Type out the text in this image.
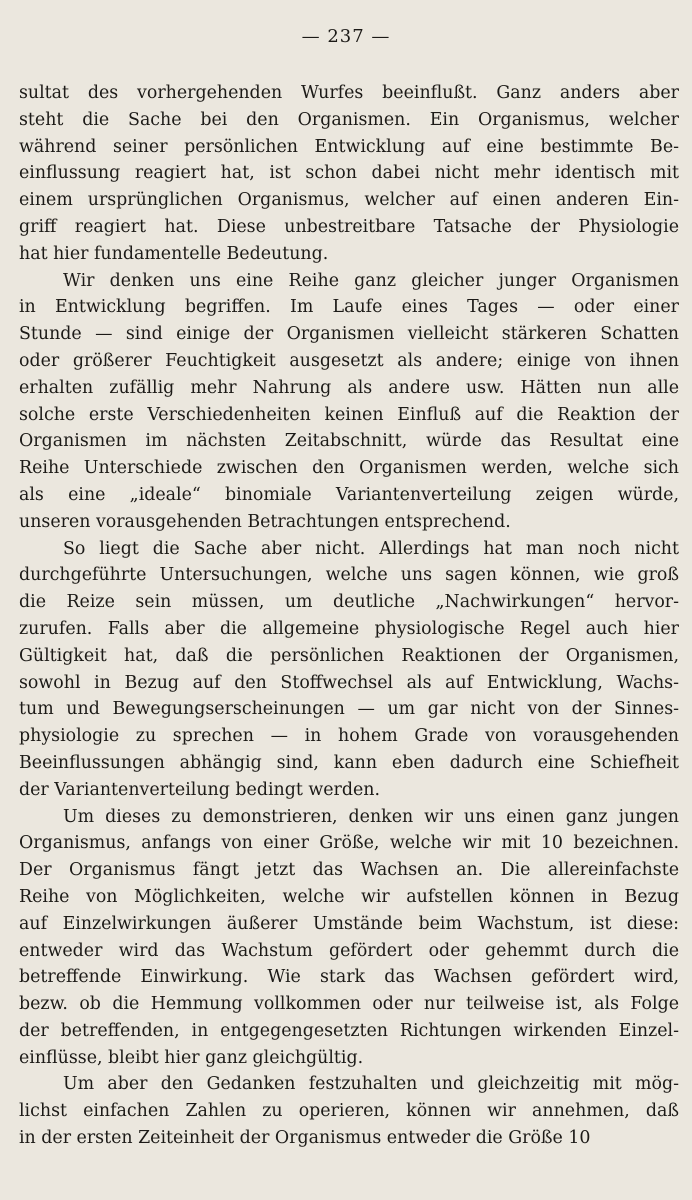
— 237 —
sultat des vorhergehenden Wurfes beeinflußt. Ganz anders aber
steht die Sache bei den Organismen. Ein Organismus, welcher
während seiner persönlichen Entwicklung auf eine bestimmte Be-
einflussung reagiert hat, ist schon dabei nicht mehr identisch mit
einem ursprünglichen Organismus, welcher auf einen anderen Ein-
griff reagiert hat. Diese unbestreitbare Tatsache der Physiologie
hat hier fundamentelle Bedeutung.
Wir denken uns eine Reihe ganz gleicher junger Organismen
in Entwicklung begriffen. Im Laufe eines Tages — oder einer
Stunde — sind einige der Organismen vielleicht stärkeren Schatten
oder größerer Feuchtigkeit ausgesetzt als andere; einige von ihnen
erhalten zufällig mehr Nahrung als andere usw. Hätten nun alle
solche erste Verschiedenheiten keinen Einfluß auf die Reaktion der
Organismen im nächsten Zeitabschnitt, würde das Resultat eine
Reihe Unterschiede zwischen den Organismen werden, welche sich
als eine „ideale“ binomiale Variantenverteilung zeigen würde,
unseren vorausgehenden Betrachtungen entsprechend.
So liegt die Sache aber nicht. Allerdings hat man noch nicht
durchgeführte Untersuchungen, welche uns sagen können, wie groß
die Reize sein müssen, um deutliche „Nachwirkungen“ hervor-
zurufen. Falls aber die allgemeine physiologische Regel auch hier
Gültigkeit hat, daß die persönlichen Reaktionen der Organismen,
sowohl in Bezug auf den Stoffwechsel als auf Entwicklung, Wachs-
tum und Bewegungserscheinungen — um gar nicht von der Sinnes-
physiologie zu sprechen — in hohem Grade von vorausgehenden
Beeinflussungen abhängig sind, kann eben dadurch eine Schiefheit
der Variantenverteilung bedingt werden.
Um dieses zu demonstrieren, denken wir uns einen ganz jungen
Organismus, anfangs von einer Größe, welche wir mit 10 bezeichnen.
Der Organismus fängt jetzt das Wachsen an. Die allereinfachste
Reihe von Möglichkeiten, welche wir aufstellen können in Bezug
auf Einzelwirkungen äußerer Umstände beim Wachstum, ist diese:
entweder wird das Wachstum gefördert oder gehemmt durch die
betreffende Einwirkung. Wie stark das Wachsen gefördert wird,
bezw. ob die Hemmung vollkommen oder nur teilweise ist, als Folge
der betreffenden, in entgegengesetzten Richtungen wirkenden Einzel-
einflüsse, bleibt hier ganz gleichgültig.
Um aber den Gedanken festzuhalten und gleichzeitig mit mög-
lichst einfachen Zahlen zu operieren, können wir annehmen, daß
in der ersten Zeiteinheit der Organismus entweder die Größe 10
